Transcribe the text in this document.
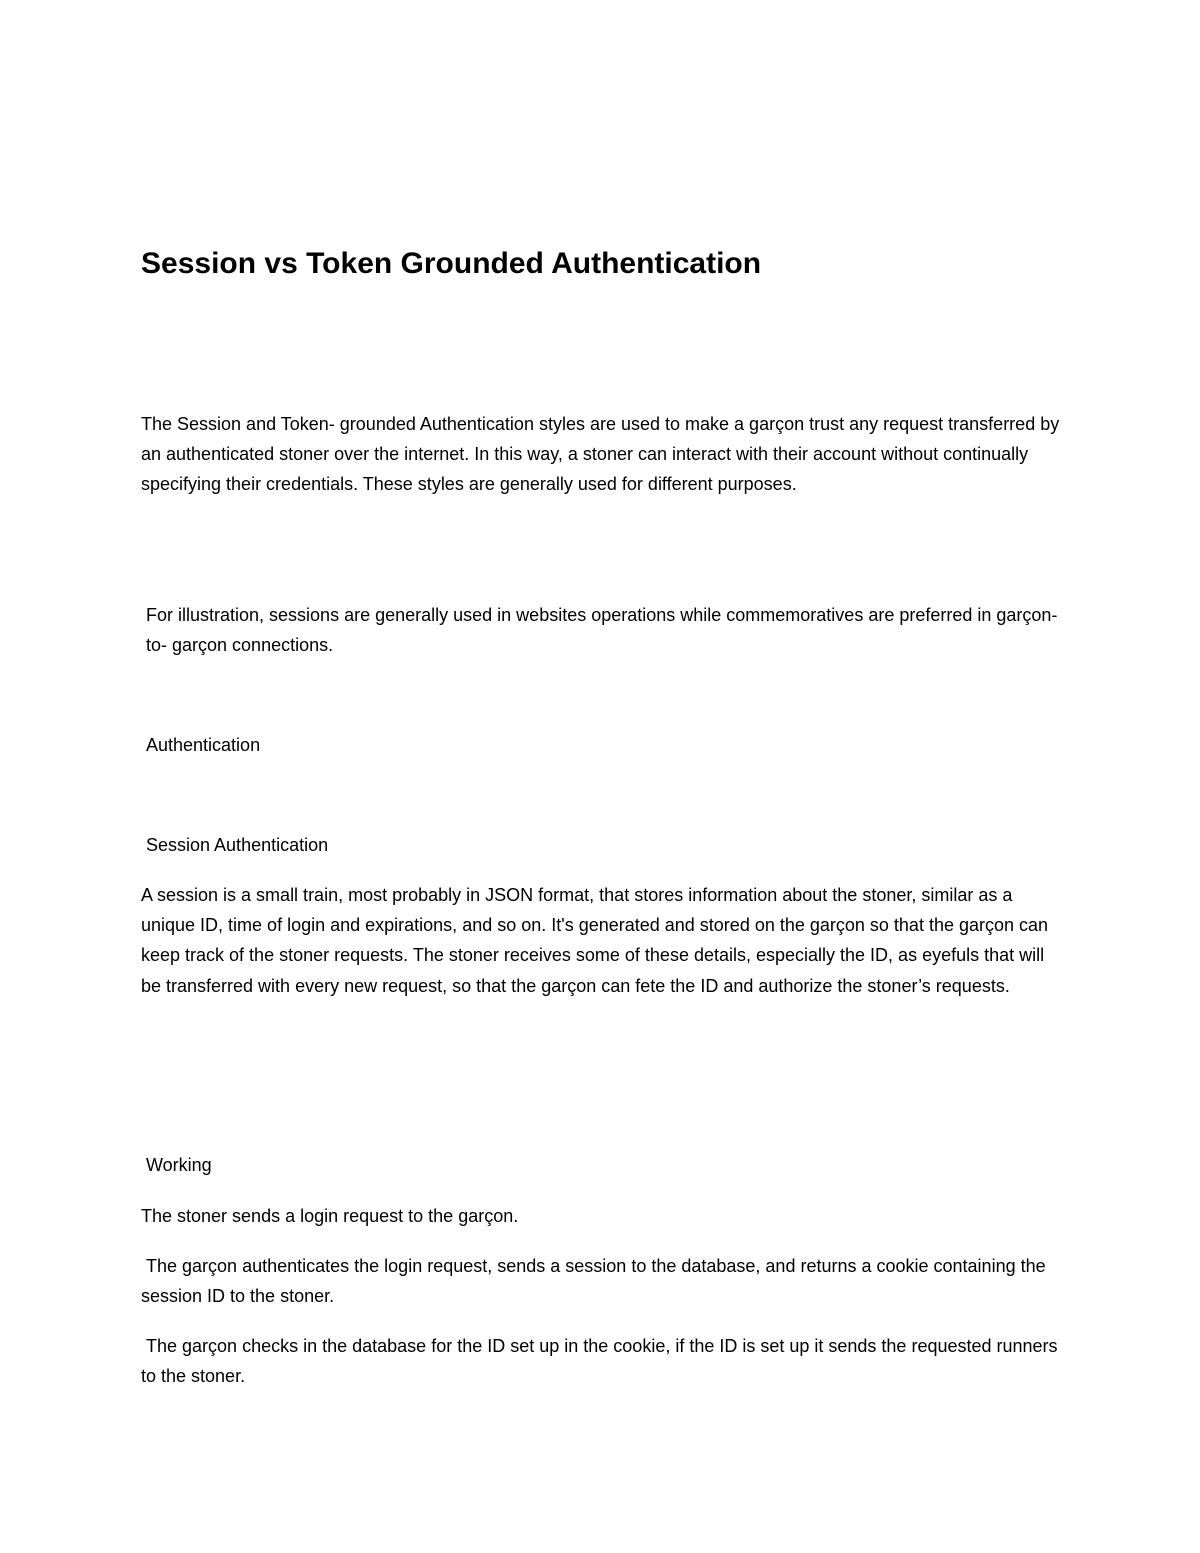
Session vs Token Grounded Authentication

The Session and Token- grounded Authentication styles are used to make a garçon trust any request transferred by an authenticated stoner over the internet. In this way, a stoner can interact with their account without continually specifying their credentials. These styles are generally used for different purposes.

For illustration, sessions are generally used in websites operations while commemoratives are preferred in garçon-to- garçon connections.

Authentication

Session Authentication

A session is a small train, most probably in JSON format, that stores information about the stoner, similar as a unique ID, time of login and expirations, and so on. It's generated and stored on the garçon so that the garçon can keep track of the stoner requests. The stoner receives some of these details, especially the ID, as eyefuls that will be transferred with every new request, so that the garçon can fete the ID and authorize the stoner’s requests.

Working

The stoner sends a login request to the garçon.

The garçon authenticates the login request, sends a session to the database, and returns a cookie containing the session ID to the stoner.

The garçon checks in the database for the ID set up in the cookie, if the ID is set up it sends the requested runners to the stoner.
